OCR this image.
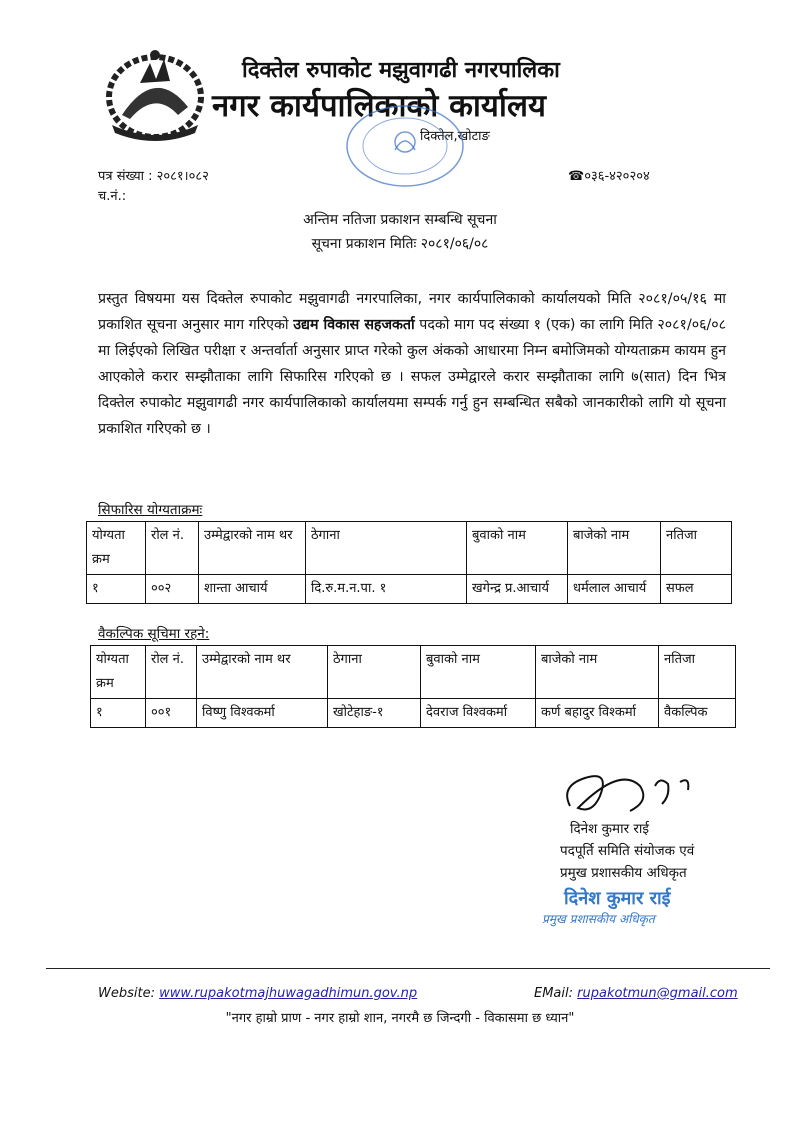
दिक्तेल रुपाकोट मझुवागढी नगरपालिका
नगर कार्यपालिकाको कार्यालय
दिक्तेल,खोटाङ
पत्र संख्या : २०८१।०८२
च.नं.:
☎०३६-४२०२०४
अन्तिम नतिजा प्रकाशन सम्बन्धि सूचना
सूचना प्रकाशन मितिः २०८१/०६/०८
प्रस्तुत विषयमा यस दिक्तेल रुपाकोट मझुवागढी नगरपालिका, नगर कार्यपालिकाको कार्यालयको मिति २०८१/०५/१६ मा प्रकाशित सूचना अनुसार माग गरिएको उद्यम विकास सहजकर्ता पदको माग पद संख्या १ (एक) का लागि मिति २०८१/०६/०८ मा लिईएको लिखित परीक्षा र अन्तर्वार्ता अनुसार प्राप्त गरेको कुल अंकको आधारमा निम्न बमोजिमको योग्यताक्रम कायम हुन आएकोले करार सम्झौताका लागि सिफारिस गरिएको छ । सफल उम्मेद्वारले करार सम्झौताका लागि ७(सात) दिन भित्र दिक्तेल रुपाकोट मझुवागढी नगर कार्यपालिकाको कार्यालयमा सम्पर्क गर्नु हुन सम्बन्धित सबैको जानकारीको लागि यो सूचना प्रकाशित गरिएको छ ।
सिफारिस योग्यताक्रमः
योग्यता क्रम	रोल नं.	उम्मेद्वारको नाम थर	ठेगाना	बुवाको नाम	बाजेको नाम	नतिजा
१	००२	शान्ता आचार्य	दि.रु.म.न.पा. १	खगेन्द्र प्र.आचार्य	धर्मलाल आचार्य	सफल
वैकल्पिक सूचिमा रहने:
योग्यता क्रम	रोल नं.	उम्मेद्वारको नाम थर	ठेगाना	बुवाको नाम	बाजेको नाम	नतिजा
१	००१	विष्णु विश्वकर्मा	खोटेहाङ-१	देवराज विश्वकर्मा	कर्ण बहादुर विश्कर्मा	वैकल्पिक
दिनेश कुमार राई
पदपूर्ति समिति संयोजक एवं
प्रमुख प्रशासकीय अधिकृत
दिनेश कुमार राई
प्रमुख प्रशासकीय अधिकृत
Website: www.rupakotmajhuwagadhimun.gov.np	EMail: rupakotmun@gmail.com
"नगर हाम्रो प्राण - नगर हाम्रो शान, नगरमै छ जिन्दगी - विकासमा छ ध्यान"
